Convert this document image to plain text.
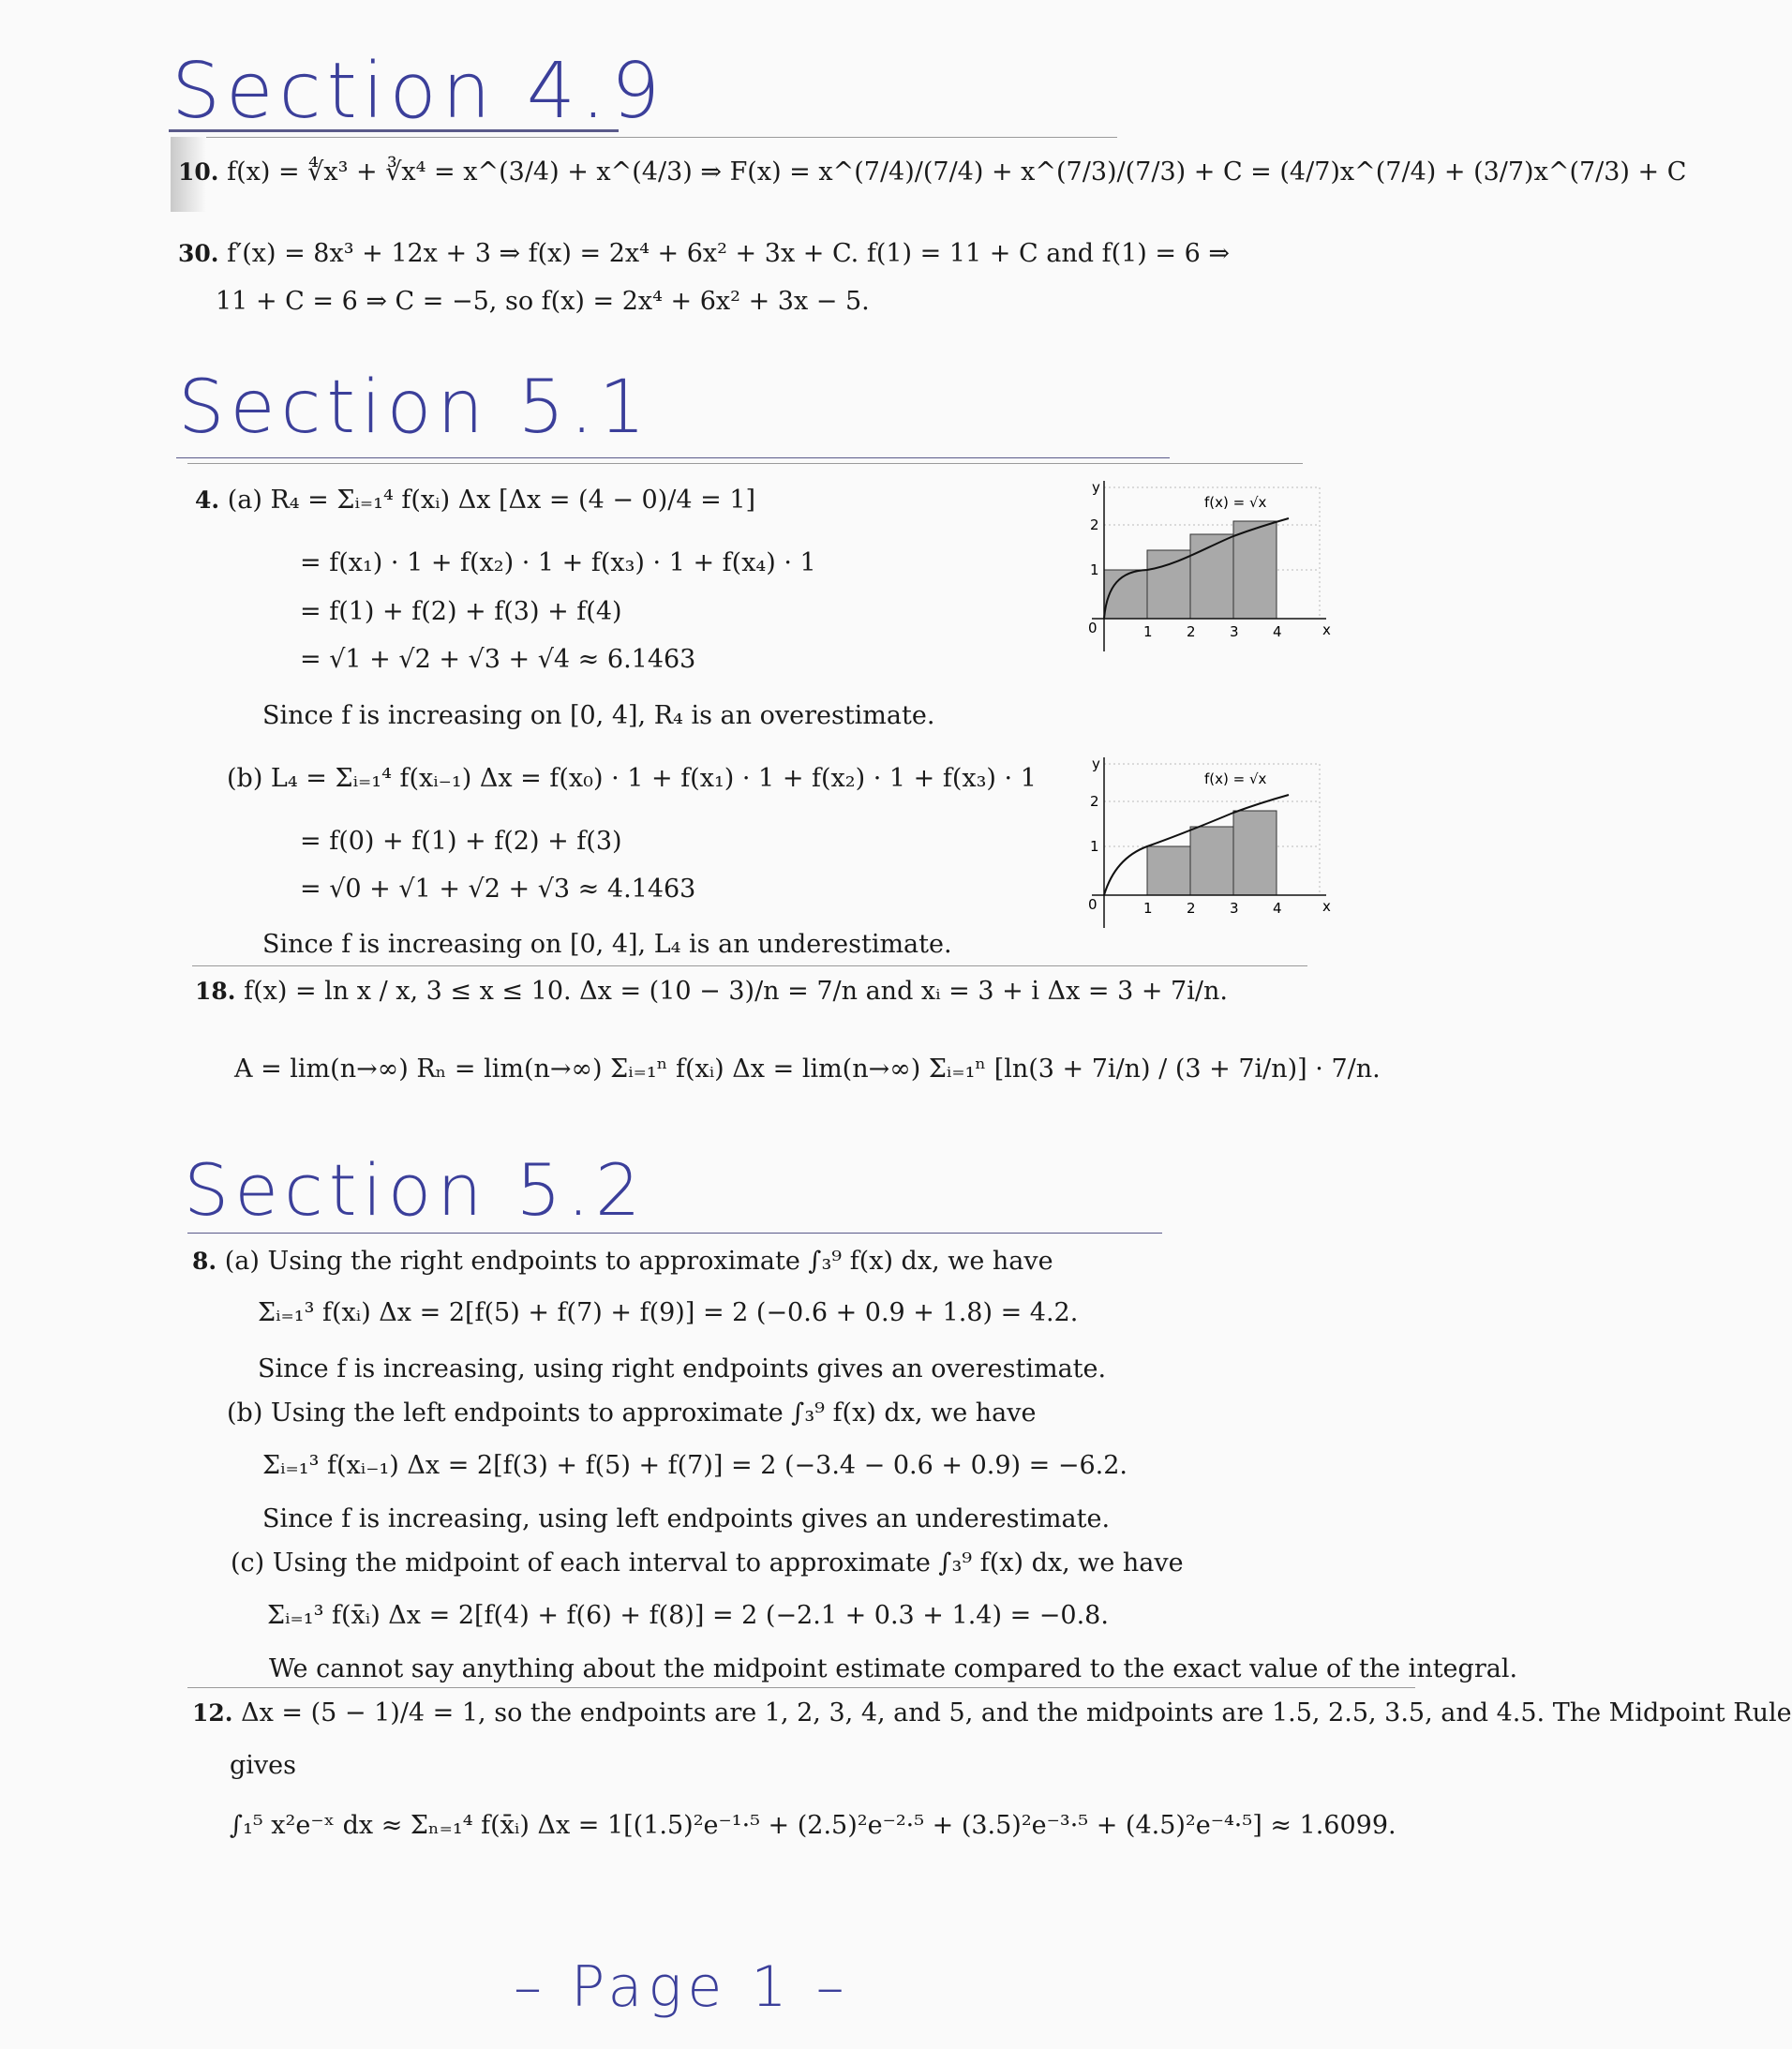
Section 4.9
10. f(x) = ∜x³ + ∛x⁴ = x^(3/4) + x^(4/3) ⇒ F(x) = x^(7/4)/(7/4) + x^(7/3)/(7/3) + C = (4/7)x^(7/4) + (3/7)x^(7/3) + C
30. f′(x) = 8x³ + 12x + 3 ⇒ f(x) = 2x⁴ + 6x² + 3x + C. f(1) = 11 + C and f(1) = 6 ⇒
11 + C = 6 ⇒ C = −5, so f(x) = 2x⁴ + 6x² + 3x − 5.
Section 5.1
4. (a) R₄ = Σᵢ₌₁⁴ f(xᵢ) Δx [Δx = (4 − 0)/4 = 1]
= f(x₁) · 1 + f(x₂) · 1 + f(x₃) · 1 + f(x₄) · 1
= f(1) + f(2) + f(3) + f(4)
= √1 + √2 + √3 + √4 ≈ 6.1463
Since f is increasing on [0, 4], R₄ is an overestimate.
(b) L₄ = Σᵢ₌₁⁴ f(xᵢ₋₁) Δx = f(x₀) · 1 + f(x₁) · 1 + f(x₂) · 1 + f(x₃) · 1
= f(0) + f(1) + f(2) + f(3)
= √0 + √1 + √2 + √3 ≈ 4.1463
Since f is increasing on [0, 4], L₄ is an underestimate.
y
x
0	1 2 3 4
1
2
f(x) = √x
y
x
0	1 2 3 4
1
2
f(x) = √x
18. f(x) = ln x / x, 3 ≤ x ≤ 10. Δx = (10 − 3)/n = 7/n and xᵢ = 3 + i Δx = 3 + 7i/n.
A = lim(n→∞) Rₙ = lim(n→∞) Σᵢ₌₁ⁿ f(xᵢ) Δx = lim(n→∞) Σᵢ₌₁ⁿ [ln(3 + 7i/n) / (3 + 7i/n)] · 7/n.
Section 5.2
8. (a) Using the right endpoints to approximate ∫₃⁹ f(x) dx, we have
Σᵢ₌₁³ f(xᵢ) Δx = 2[f(5) + f(7) + f(9)] = 2 (−0.6 + 0.9 + 1.8) = 4.2.
Since f is increasing, using right endpoints gives an overestimate.
(b) Using the left endpoints to approximate ∫₃⁹ f(x) dx, we have
Σᵢ₌₁³ f(xᵢ₋₁) Δx = 2[f(3) + f(5) + f(7)] = 2 (−3.4 − 0.6 + 0.9) = −6.2.
Since f is increasing, using left endpoints gives an underestimate.
(c) Using the midpoint of each interval to approximate ∫₃⁹ f(x) dx, we have
Σᵢ₌₁³ f(x̄ᵢ) Δx = 2[f(4) + f(6) + f(8)] = 2 (−2.1 + 0.3 + 1.4) = −0.8.
We cannot say anything about the midpoint estimate compared to the exact value of the integral.
12. Δx = (5 − 1)/4 = 1, so the endpoints are 1, 2, 3, 4, and 5, and the midpoints are 1.5, 2.5, 3.5, and 4.5. The Midpoint Rule
gives
∫₁⁵ x²e⁻ˣ dx ≈ Σₙ₌₁⁴ f(x̄ᵢ) Δx = 1[(1.5)²e⁻¹·⁵ + (2.5)²e⁻²·⁵ + (3.5)²e⁻³·⁵ + (4.5)²e⁻⁴·⁵] ≈ 1.6099.
– Page 1 –
